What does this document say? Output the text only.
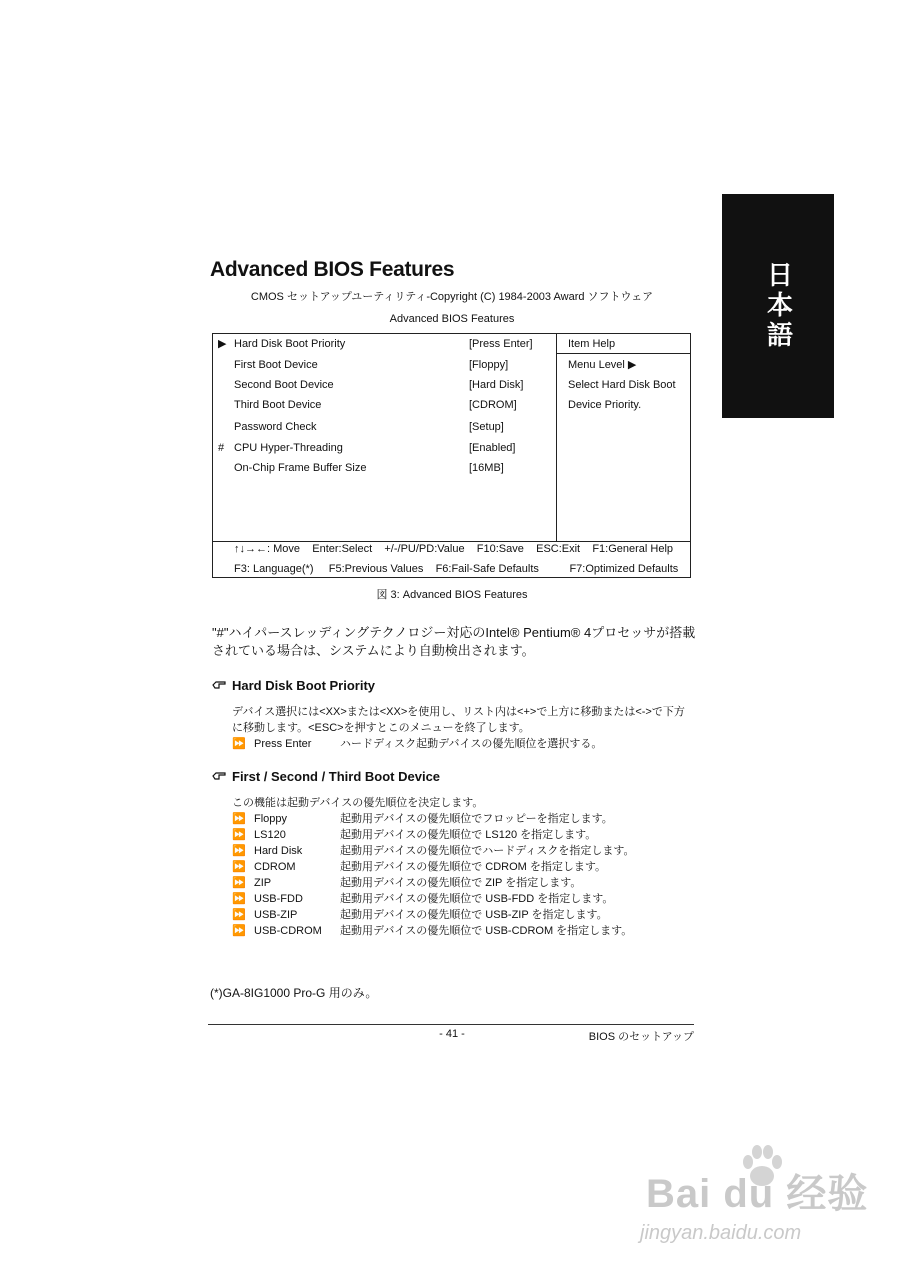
日本語
Advanced BIOS Features
CMOS セットアップユーティリティ-Copyright (C) 1984-2003 Award ソフトウェア
Advanced BIOS Features
▶ Hard Disk Boot Priority	[Press Enter]
First Boot Device	[Floppy]
Second Boot Device	[Hard Disk]
Third Boot Device	[CDROM]
Password Check	[Setup]
# CPU Hyper-Threading	[Enabled]
On-Chip Frame Buffer Size	[16MB]
Item Help
Menu Level ▶
Select Hard Disk Boot
Device Priority.
↑↓→←: Move    Enter:Select    +/-/PU/PD:Value    F10:Save    ESC:Exit    F1:General Help
F3: Language(*)     F5:Previous Values    F6:Fail-Safe Defaults          F7:Optimized Defaults
図 3: Advanced BIOS Features
"#"ハイパースレッディングテクノロジー対応のIntel® Pentium® 4プロセッサが搭載されている場合は、システムにより自動検出されます。
Hard Disk Boot Priority
デバイス選択には<XX>または<XX>を使用し、リスト内は<+>で上方に移動または<->で下方に移動します。<ESC>を押すとこのメニューを終了します。
⏩ Press Enter	ハードディスク起動デバイスの優先順位を選択する。
First / Second / Third Boot Device
この機能は起動デバイスの優先順位を決定します。
⏩ Floppy	起動用デバイスの優先順位でフロッピーを指定します。
⏩ LS120	起動用デバイスの優先順位で LS120 を指定します。
⏩ Hard Disk	起動用デバイスの優先順位でハードディスクを指定します。
⏩ CDROM	起動用デバイスの優先順位で CDROM を指定します。
⏩ ZIP	起動用デバイスの優先順位で ZIP を指定します。
⏩ USB-FDD	起動用デバイスの優先順位で USB-FDD を指定します。
⏩ USB-ZIP	起動用デバイスの優先順位で USB-ZIP を指定します。
⏩ USB-CDROM 起動用デバイスの優先順位で USB-CDROM を指定します。
(*)GA-8IG1000 Pro-G 用のみ。
- 41 -	BIOS のセットアップ
Bai du 经验
jingyan.baidu.com
